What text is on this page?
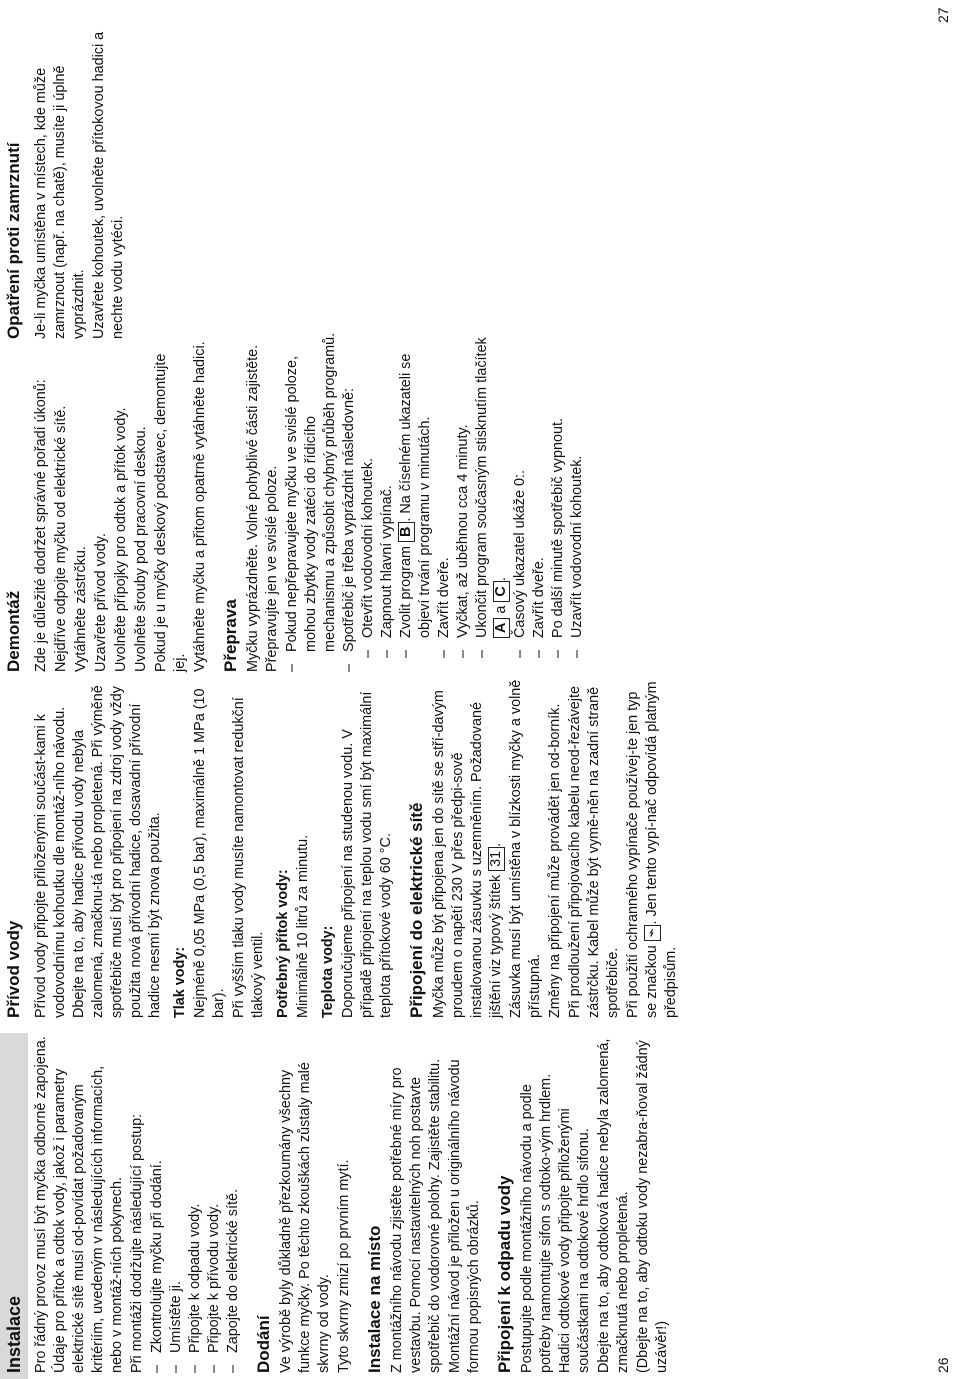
26
27
Instalace Pro řádný provoz musí být myčka odborně zapojena. Údaje pro přítok a odtok vody, jakož i parametry elektrické sítě musí od-povídat požadovaným kritériím, uvedeným v následujících informacích, nebo v montáž-ních pokynech. Při montáži dodržujte následující postup: – Zkontrolujte myčku při dodání. – Umístěte ji. – Připojte k odpadu vody. – Připojte k přívodu vody. – Zapojte do elektrické sítě. Dodání Ve výrobě byly důkladně přezkoumány všechny funkce myčky. Po těchto zkouškách zůstaly malé skvrny od vody. Tyto skvrny zmizí po prvním mytí. Instalace na místo Z montážního návodu zjistěte potřebné míry pro vestavbu. Pomocí nastavitelných noh postavte spotřebič do vodorovné polohy. Zajistěte stabilitu. Montážní návod je přiložen u originálního návodu formou popisných obrázků. Připojení k odpadu vody Postupujte podle montážního návodu a podle potřeby namontujte sifon s odtoko-vým hrdlem. Hadici odtokové vody připojte přiloženými součástkami na odtokové hrdlo sifonu. Dbejte na to, aby odtoková hadice nebyla zalomená, zmačknutá nebo propletená. (Dbejte na to, aby odtoku vody nezabra-ňoval žádný uzávěr!)

Přívod vody Přívod vody připojte přiloženými součást-kami k vodovodnímu kohoutku dle montáž-ního návodu. Dbejte na to, aby hadice přívodu vody nebyla zalomená, zmačknu-tá nebo propletená. Při výměně spotřebiče musí být pro připojení na zdroj vody vždy použita nová přívodní hadice, dosavadní přívodní hadice nesmí být znova použita. Tlak vody: Nejméně 0,05 MPa (0,5 bar), maximálně 1 MPa (10 bar). Při vyšším tlaku vody musíte namontovat redukční tlakový ventil. Potřebný přítok vody: Minimálně 10 litrů za minutu. Teplota vody: Doporučujeme připojení na studenou vodu. V případě připojení na teplou vodu smí být maximální teplota přítokové vody 60 °C. Připojení do elektrické sítě Myčka může být připojena jen do sítě se stří-davým proudem o napětí 230 V přes předpi-sově instalovanou zásuvku s uzemněním. Požadované jištění viz typový štítek 31. Zásuvka musí být umístěna v blízkosti myčky a volně přístupná. Změny na připojení může provádět jen od-borník. Při prodloužení připojovacího kabelu neod-řezávejte zástrčku. Kabel může být vymě-něn na zadní straně spotřebiče. Při použití ochranného vypínače používej-te jen typ se značkou ⌁. Jen tento vypí-nač odpovídá platným předpisům.

Demontáž Zde je důležité dodržet správné pořadí úkonů: Nejdříve odpojte myčku od elektrické sítě. Vytáhněte zástrčku. Uzavřete přívod vody. Uvolněte přípojky pro odtok a přítok vody. Uvolněte šrouby pod pracovní deskou. Pokud je u myčky deskový podstavec, demontujte jej. Vytáhněte myčku a přitom opatrně vytáhněte hadici. Přeprava Myčku vyprázdněte. Volné pohyblivé části zajistěte. Přepravujte jen ve svislé poloze. – Pokud nepřepravujete myčku ve svislé poloze, mohou zbytky vody zatéci do řídicího mechanismu a způsobit chybný průběh programů. – Spotřebič je třeba vyprázdnit následovně: – Otevřít vodovodní kohoutek. – Zapnout hlavní vypínač. – Zvolit program B. Na číselném ukazateli se objeví trvání programu v minutách. – Zavřít dveře. – Vyčkat, až uběhnou cca 4 minuty. – Ukončit program současným stisknutím tlačítek A a C. – Časový ukazatel ukáže 0:.
– Zavřít dveře. – Po další minutě spotřebič vypnout. – Uzavřít vodovodní kohoutek.
Opatření proti zamrznutí Je-li myčka umístěna v místech, kde může zamrznout (např. na chatě), musíte ji úplně vyprázdnit. Uzavřete kohoutek, uvolněte přítokovou hadici a nechte vodu vytéci.
